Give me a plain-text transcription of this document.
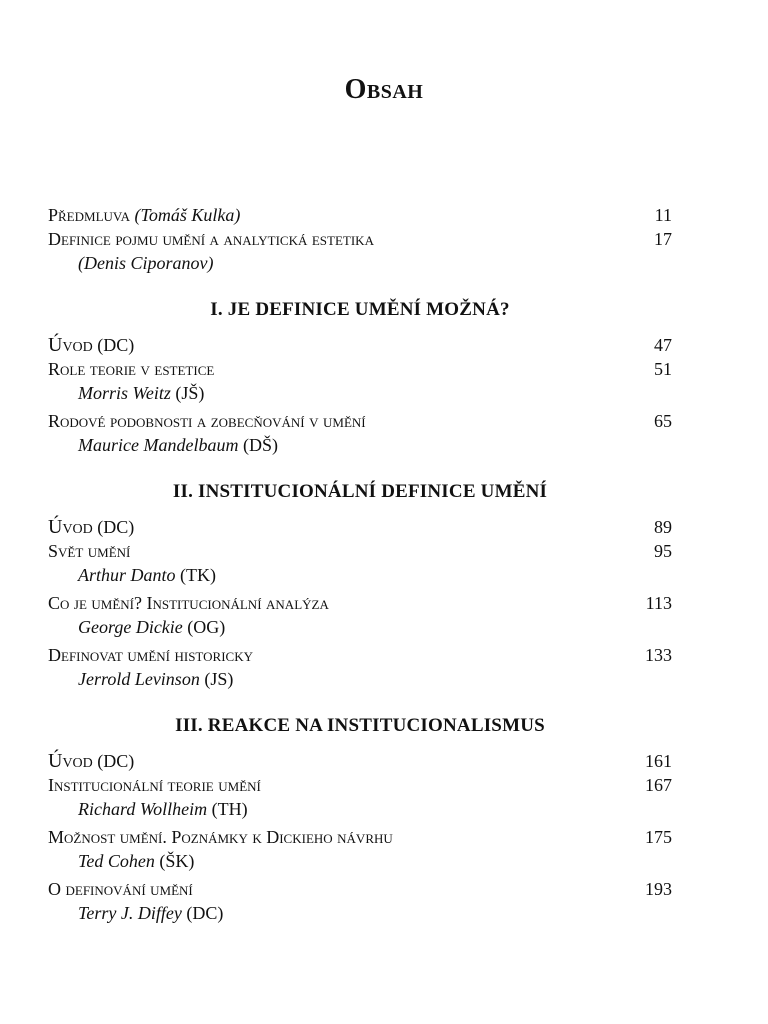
Obsah
Předmluva (Tomáš Kulka)	11
Definice pojmu umění a analytická estetika	17
(Denis Ciporanov)
I. JE DEFINICE UMĚNÍ MOŽNÁ?
Úvod (DC)	47
Role teorie v estetice	51
Morris Weitz (JŠ)
Rodové podobnosti a zobecňování v umění	65
Maurice Mandelbaum (DŠ)
II. INSTITUCIONÁLNÍ DEFINICE UMĚNÍ
Úvod (DC)	89
Svět umění	95
Arthur Danto (TK)
Co je umění? Institucionální analýza	113
George Dickie (OG)
Definovat umění historicky	133
Jerrold Levinson (JS)
III. REAKCE NA INSTITUCIONALISMUS
Úvod (DC)	161
Institucionální teorie umění	167
Richard Wollheim (TH)
Možnost umění. Poznámky k Dickieho návrhu	175
Ted Cohen (ŠK)
O definování umění	193
Terry J. Diffey (DC)
